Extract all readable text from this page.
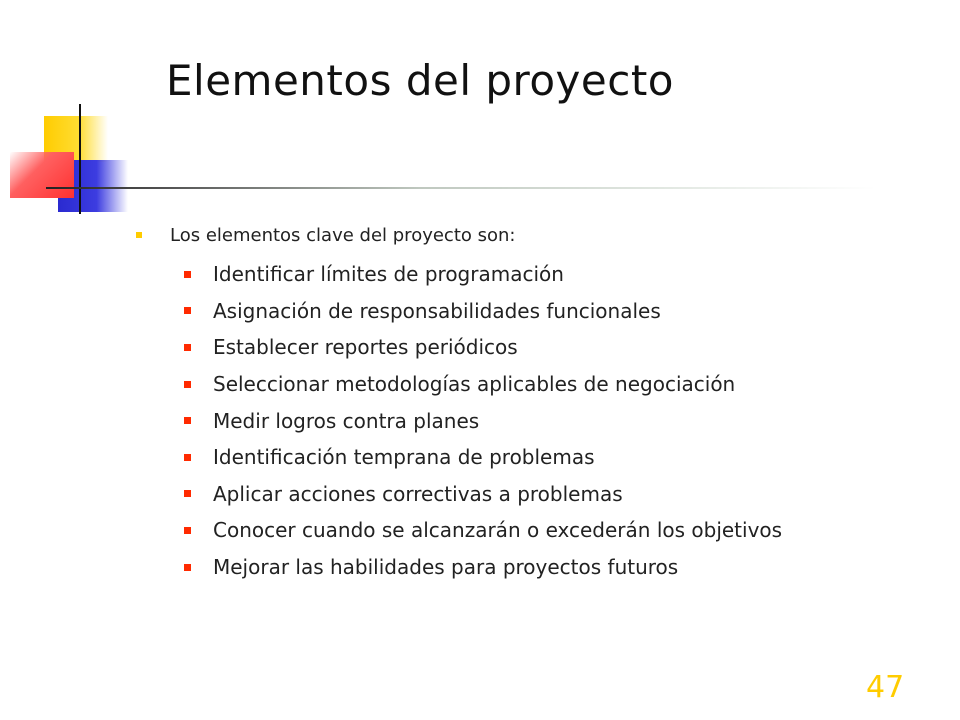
Elementos del proyecto
Los elementos clave del proyecto son:
Identificar límites de programación
Asignación de responsabilidades funcionales
Establecer reportes periódicos
Seleccionar metodologías aplicables de negociación
Medir logros contra planes
Identificación temprana de problemas
Aplicar acciones correctivas a problemas
Conocer cuando se alcanzarán o excederán los objetivos
Mejorar las habilidades para proyectos futuros
47
